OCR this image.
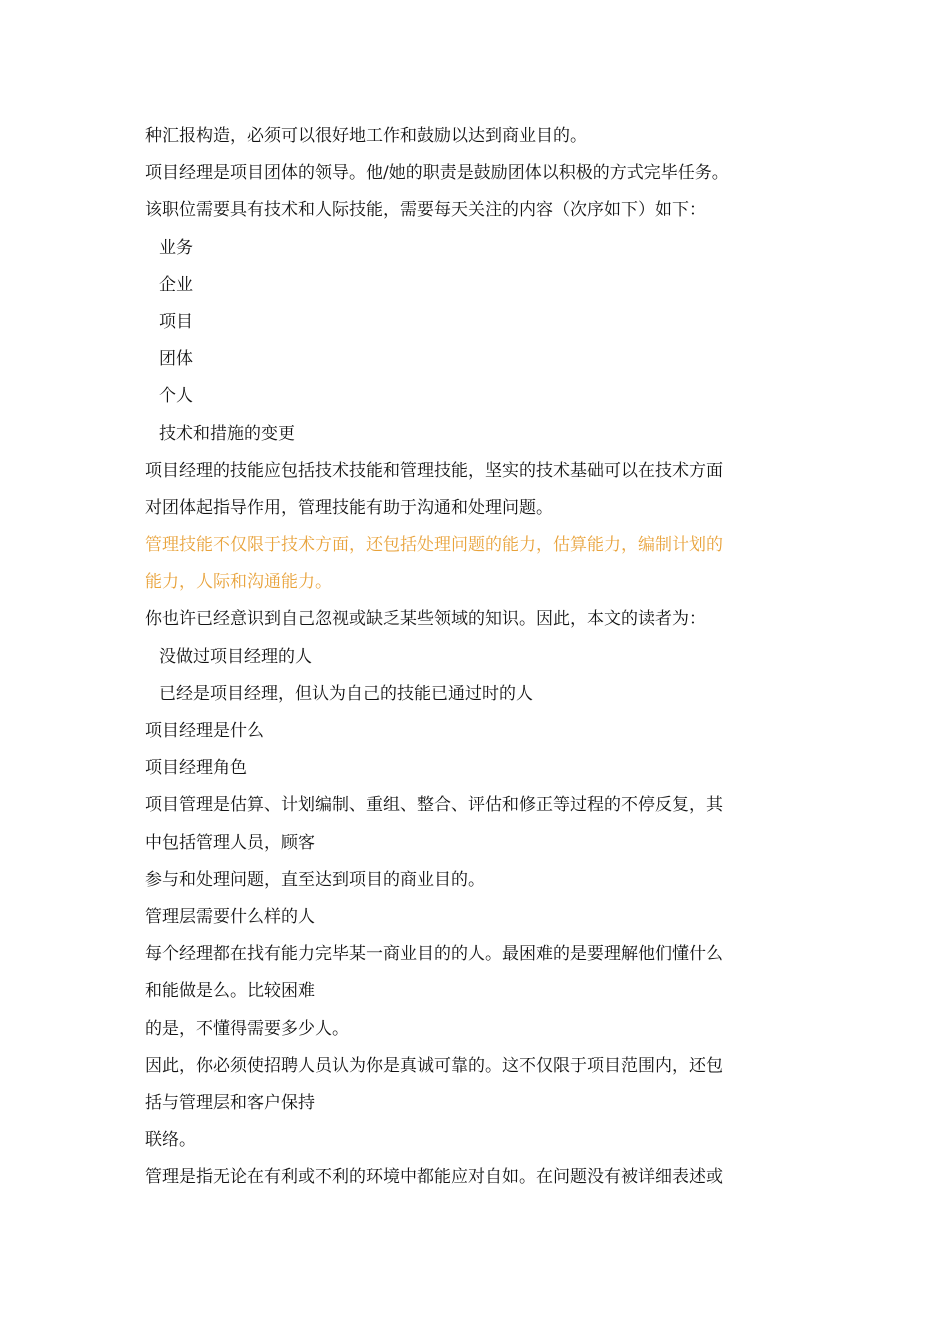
种汇报构造，必须可以很好地工作和鼓励以达到商业目的。
项目经理是项目团体的领导。他/她的职责是鼓励团体以积极的方式完毕任务。
该职位需要具有技术和人际技能，需要每天关注的内容（次序如下）如下：
业务
企业
项目
团体
个人
技术和措施的变更
项目经理的技能应包括技术技能和管理技能，坚实的技术基础可以在技术方面
对团体起指导作用，管理技能有助于沟通和处理问题。
管理技能不仅限于技术方面，还包括处理问题的能力，估算能力，编制计划的
能力，人际和沟通能力。
你也许已经意识到自己忽视或缺乏某些领域的知识。因此，本文的读者为：
没做过项目经理的人
已经是项目经理，但认为自己的技能已通过时的人
项目经理是什么
项目经理角色
项目管理是估算、计划编制、重组、整合、评估和修正等过程的不停反复，其
中包括管理人员，顾客
参与和处理问题，直至达到项目的商业目的。
管理层需要什么样的人
每个经理都在找有能力完毕某一商业目的的人。最困难的是要理解他们懂什么
和能做是么。比较困难
的是，不懂得需要多少人。
因此，你必须使招聘人员认为你是真诚可靠的。这不仅限于项目范围内，还包
括与管理层和客户保持
联络。
管理是指无论在有利或不利的环境中都能应对自如。在问题没有被详细表述或
